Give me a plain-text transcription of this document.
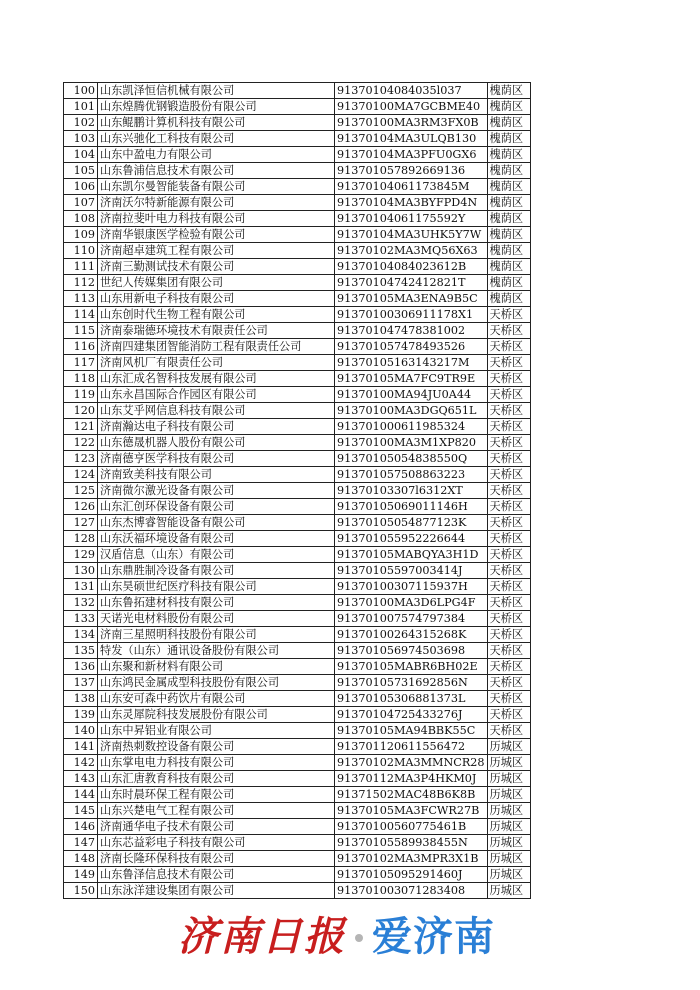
100	山东凯泽恒信机械有限公司	91370104084035l037	槐荫区
101	山东煌腾优钢锻造股份有限公司	91370100MA7GCBME40	槐荫区
102	山东鲲鹏计算机科技有限公司	91370100MA3RM3FX0B	槐荫区
103	山东兴驰化工科技有限公司	91370104MA3ULQB130	槐荫区
104	山东中盈电力有限公司	91370104MA3PFU0GX6	槐荫区
105	山东鲁浦信息技术有限公司	913701057892669136	槐荫区
106	山东凯尔曼智能装备有限公司	91370104061173845M	槐荫区
107	济南沃尔特新能源有限公司	91370104MA3BYFPD4N	槐荫区
108	济南拉斐叶电力科技有限公司	91370104061175592Y	槐荫区
109	济南华银康医学检验有限公司	91370104MA3UHK5Y7W	槐荫区
110	济南超卓建筑工程有限公司	91370102MA3MQ56X63	槐荫区
111	济南三勤测试技术有限公司	91370104084023612B	槐荫区
112	世纪人传媒集团有限公司	91370104742412821T	槐荫区
113	山东用新电子科技有限公司	91370105MA3ENA9B5C	槐荫区
114	山东创时代生物工程有限公司	91370100306911178X1	天桥区
115	济南泰瑞德环境技术有限责任公司	913701047478381002	天桥区
116	济南四建集团智能消防工程有限责任公司	913701057478493526	天桥区
117	济南风机厂有限责任公司	91370105163143217M	天桥区
118	山东汇成名智科技发展有限公司	91370105MA7FC9TR9E	天桥区
119	山东永昌国际合作园区有限公司	91370100MA94JU0A44	天桥区
120	山东艾乎网信息科技有限公司	91370100MA3DGQ651L	天桥区
121	济南瀚达电子科技有限公司	913701000611985324	天桥区
122	山东德晟机器人股份有限公司	91370100MA3M1XP820	天桥区
123	济南德亨医学科技有限公司	91370105054838550Q	天桥区
124	济南致美科技有限公司	913701057508863223	天桥区
125	济南微尔激光设备有限公司	91370103307l6312XT	天桥区
126	山东汇创环保设备有限公司	91370105069011146H	天桥区
127	山东杰博睿智能设备有限公司	91370105054877123K	天桥区
128	山东沃福环境设备有限公司	913701055952226644	天桥区
129	汉盾信息（山东）有限公司	91370105MABQYA3H1D	天桥区
130	山东鼎胜制冷设备有限公司	91370105597003414J	天桥区
131	山东昊硕世纪医疗科技有限公司	91370100307115937H	天桥区
132	山东鲁拓建材科技有限公司	91370100MA3D6LPG4F	天桥区
133	天诺光电材料股份有限公司	913701007574797384	天桥区
134	济南三星照明科技股份有限公司	91370100264315268K	天桥区
135	特发（山东）通讯设备股份有限公司	913701056974503698	天桥区
136	山东聚和新材料有限公司	91370105MABR6BH02E	天桥区
137	山东鸿民金属成型科技股份有限公司	91370105731692856N	天桥区
138	山东安可森中药饮片有限公司	91370105306881373L	天桥区
139	山东灵犀院科技发展股份有限公司	91370104725433276J	天桥区
140	山东中昇铝业有限公司	91370105MA94BBK55C	天桥区
141	济南热刺数控设备有限公司	913701120611556472	历城区
142	山东掌电电力科技有限公司	91370102MA3MMNCR28	历城区
143	山东汇唐教育科技有限公司	91370112MA3P4HKM0J	历城区
144	山东时晨环保工程有限公司	91371502MAC48B6K8B	历城区
145	山东兴楚电气工程有限公司	91370105MA3FCWR27B	历城区
146	济南通华电子技术有限公司	91370100560775461B	历城区
147	山东芯益彩电子科技有限公司	91370105589938455N	历城区
148	济南长隆环保科技有限公司	91370102MA3MPR3X1B	历城区
149	山东鲁泽信息技术有限公司	91370105095291460J	历城区
150	山东泳洋建设集团有限公司	913701003071283408	历城区
济南日报 爱济南
